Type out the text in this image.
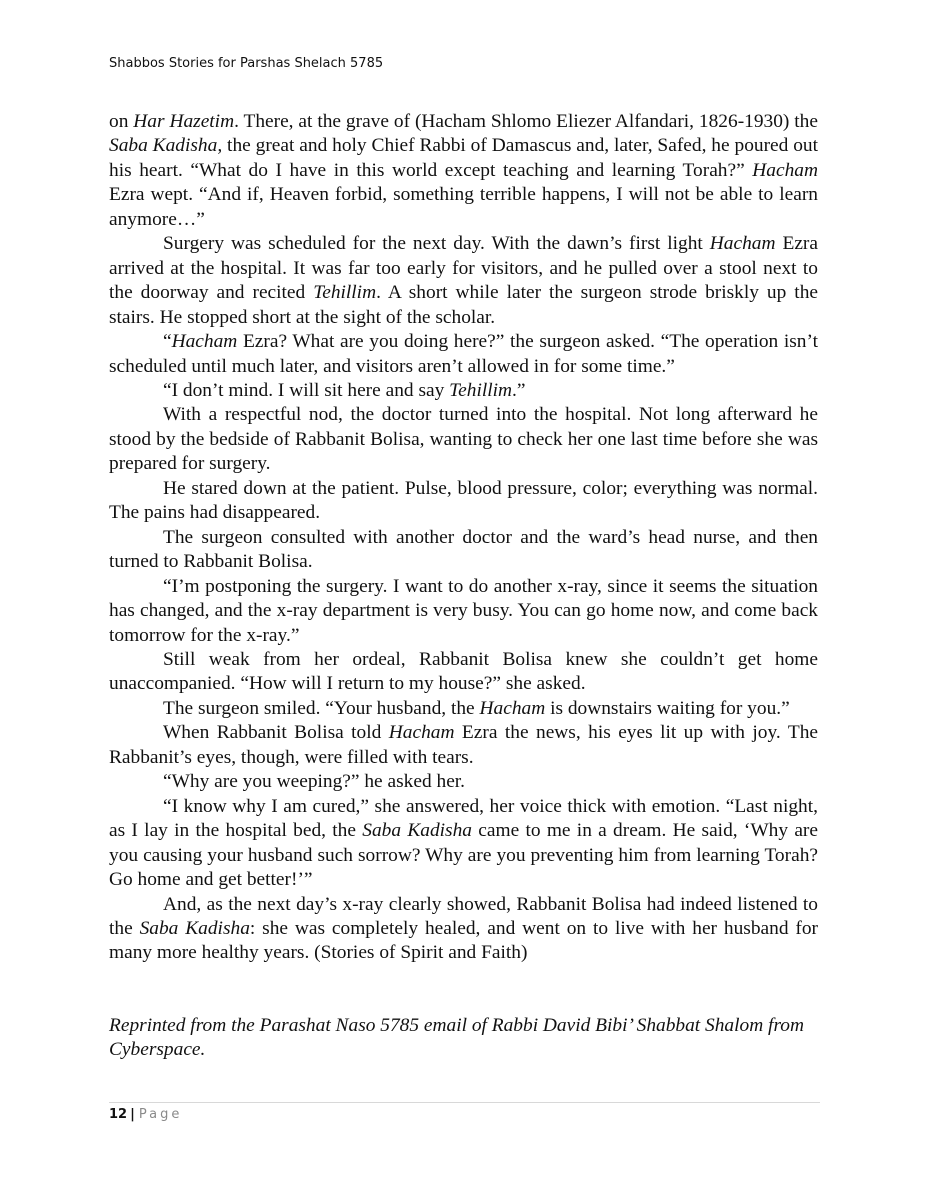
Shabbos Stories for Parshas Shelach 5785

on Har Hazetim. There, at the grave of (Hacham Shlomo Eliezer Alfandari, 1826-1930) the Saba Kadisha, the great and holy Chief Rabbi of Damascus and, later, Safed, he poured out his heart. “What do I have in this world except teaching and learning Torah?” Hacham Ezra wept. “And if, Heaven forbid, something terrible happens, I will not be able to learn anymore…”

Surgery was scheduled for the next day. With the dawn’s first light Hacham Ezra arrived at the hospital. It was far too early for visitors, and he pulled over a stool next to the doorway and recited Tehillim. A short while later the surgeon strode briskly up the stairs. He stopped short at the sight of the scholar.

“Hacham Ezra? What are you doing here?” the surgeon asked. “The operation isn’t scheduled until much later, and visitors aren’t allowed in for some time.”

“I don’t mind. I will sit here and say Tehillim.”

With a respectful nod, the doctor turned into the hospital. Not long afterward he stood by the bedside of Rabbanit Bolisa, wanting to check her one last time before she was prepared for surgery.

He stared down at the patient. Pulse, blood pressure, color; everything was normal. The pains had disappeared.

The surgeon consulted with another doctor and the ward’s head nurse, and then turned to Rabbanit Bolisa.

“I’m postponing the surgery. I want to do another x-ray, since it seems the situation has changed, and the x-ray department is very busy. You can go home now, and come back tomorrow for the x-ray.”

Still weak from her ordeal, Rabbanit Bolisa knew she couldn’t get home unaccompanied. “How will I return to my house?” she asked.

The surgeon smiled. “Your husband, the Hacham is downstairs waiting for you.”

When Rabbanit Bolisa told Hacham Ezra the news, his eyes lit up with joy. The Rabbanit’s eyes, though, were filled with tears.

“Why are you weeping?” he asked her.

“I know why I am cured,” she answered, her voice thick with emotion. “Last night, as I lay in the hospital bed, the Saba Kadisha came to me in a dream. He said, ‘Why are you causing your husband such sorrow? Why are you preventing him from learning Torah? Go home and get better!’”

And, as the next day’s x-ray clearly showed, Rabbanit Bolisa had indeed listened to the Saba Kadisha: she was completely healed, and went on to live with her husband for many more healthy years. (Stories of Spirit and Faith)

Reprinted from the Parashat Naso 5785 email of Rabbi David Bibi’ Shabbat Shalom from Cyberspace.
12 | Page
